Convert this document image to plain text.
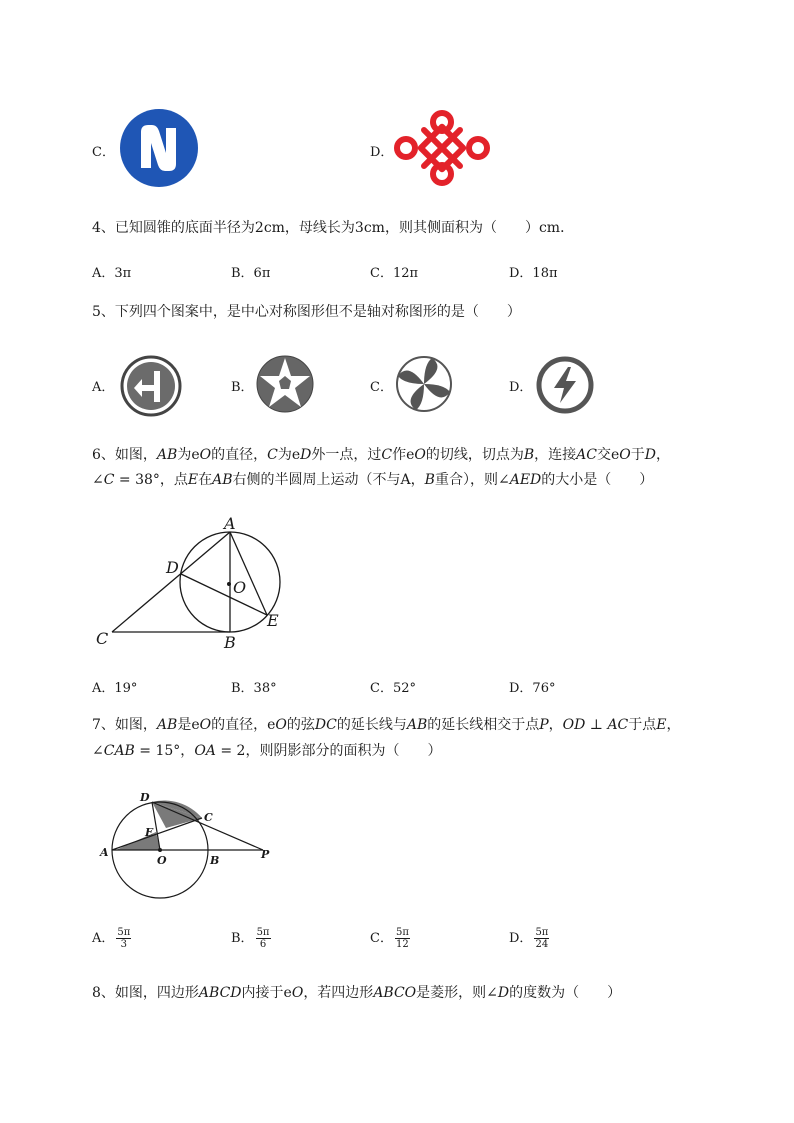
C．	D．
4、已知圆锥的底面半径为2cm，母线长为3cm，则其侧面积为（　　）cm．
A．3π	B．6π	C．12π	D．18π
5、下列四个图案中，是中心对称图形但不是轴对称图形的是（　　）
A．	B．	C．	D．
6、如图，AB为eO的直径，C为eD外一点，过C作eO的切线，切点为B，连接AC交eO于D，
∠C = 38°，点E在AB右侧的半圆周上运动（不与A，B重合），则∠AED的大小是（　　）
A
D
O
E
C	B
A．19°	B．38°	C．52°	D．76°
7、如图，AB是eO的直径，eO的弦DC的延长线与AB的延长线相交于点P，OD ⊥ AC于点E，
∠CAB = 15°，OA = 2，则阴影部分的面积为（　　）
D
C
E
A
O	B	P
A． $\frac{5\pi}{3}$	B． $\frac{5\pi}{6}$	C． $\frac{5\pi}{12}$	D． $\frac{5\pi}{24}$
8、如图，四边形ABCD内接于eO，若四边形ABCO是菱形，则∠D的度数为（　　）
